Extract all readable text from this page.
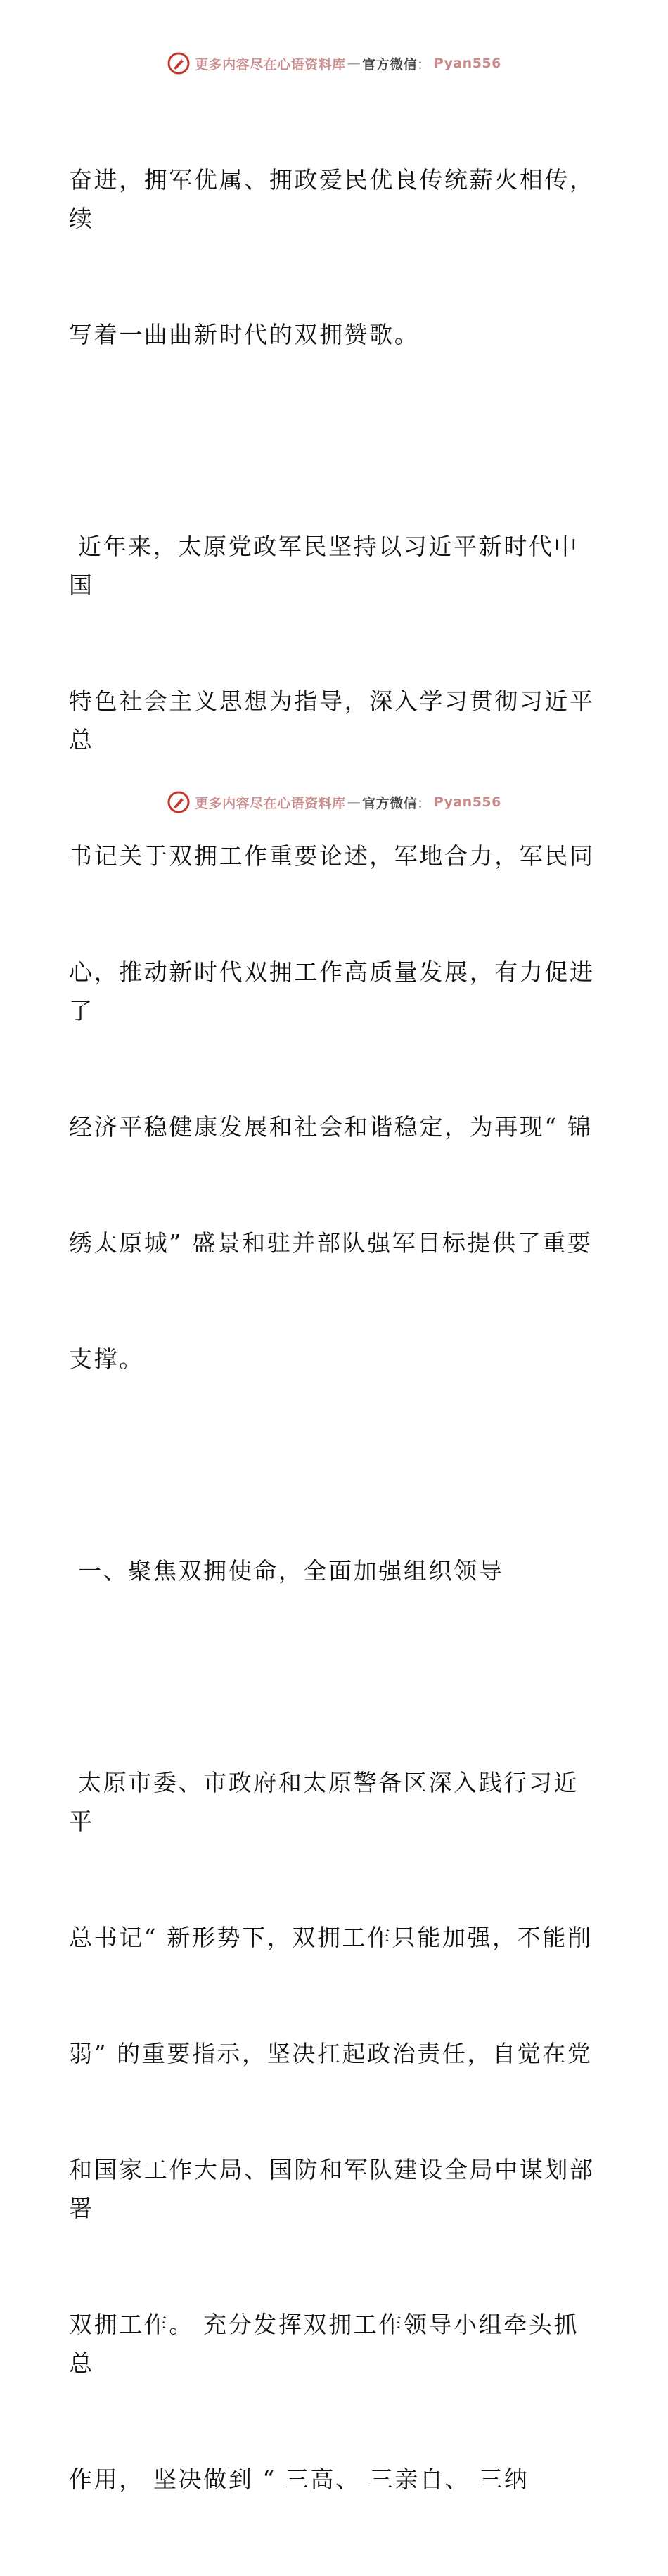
更多内容尽在心语资料库 — 官方微信 ： Pyan556

奋进，拥军优属、拥政爱民优良传统薪火相传，续

写着一曲曲新时代的双拥赞歌。

近年来，太原党政军民坚持以习近平新时代中国

特色社会主义思想为指导，深入学习贯彻习近平总

书记关于双拥工作重要论述，军地合力，军民同

心，推动新时代双拥工作高质量发展，有力促进了

经济平稳健康发展和社会和谐稳定，为再现“ 锦

绣太原城” 盛景和驻并部队强军目标提供了重要

支撑。

一、聚焦双拥使命，全面加强组织领导

太原市委、市政府和太原警备区深入践行习近平

总书记“ 新形势下，双拥工作只能加强，不能削

弱” 的重要指示，坚决扛起政治责任，自觉在党

和国家工作大局、国防和军队建设全局中谋划部署

双拥工作。 充分发挥双拥工作领导小组牵头抓总

作用， 坚决做到 “ 三高、 三亲自、 三纳

更多内容尽在心语资料库 — 官方微信 ： Pyan556
